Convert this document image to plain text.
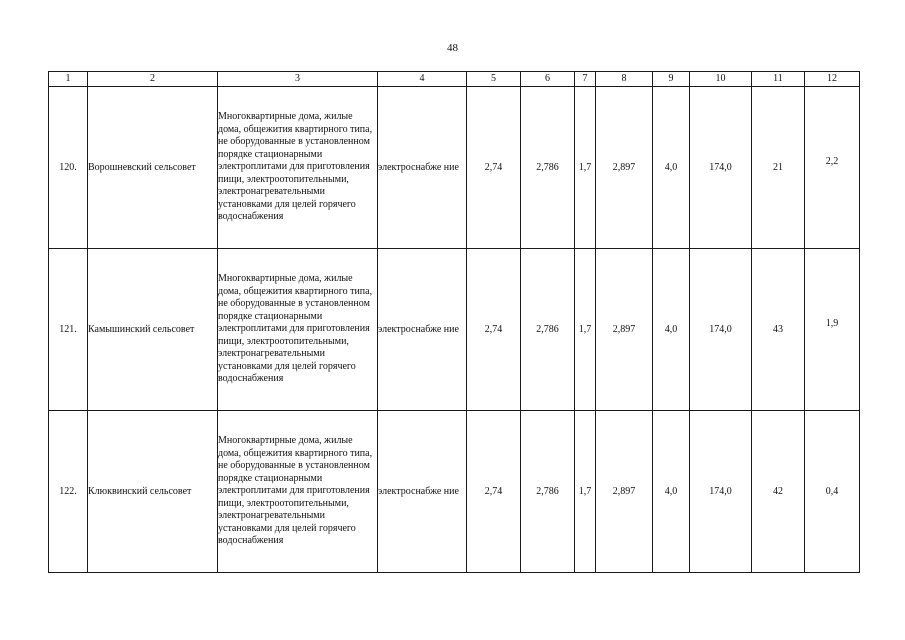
48
1	2	3	4	5	6	7	8	9	10	11	12
120.	Ворошневский сельсовет	Многоквартирные дома, жилые дома, общежития квартирного типа, не оборудованные в установленном порядке стационарными электроплитами для приготовления пищи, электроотопительными, электронагревательными установками для целей горячего водоснабжения	электроснабже ние	2,74	2,786	1,7	2,897	4,0	174,0	21	2,2
121.	Камышинский сельсовет	Многоквартирные дома, жилые дома, общежития квартирного типа, не оборудованные в установленном порядке стационарными электроплитами для приготовления пищи, электроотопительными, электронагревательными установками для целей горячего водоснабжения	электроснабже ние	2,74	2,786	1,7	2,897	4,0	174,0	43	1,9
122.	Клюквинский сельсовет	Многоквартирные дома, жилые дома, общежития квартирного типа, не оборудованные в установленном порядке стационарными электроплитами для приготовления пищи, электроотопительными, электронагревательными установками для целей горячего водоснабжения	электроснабже ние	2,74	2,786	1,7	2,897	4,0	174,0	42	0,4
